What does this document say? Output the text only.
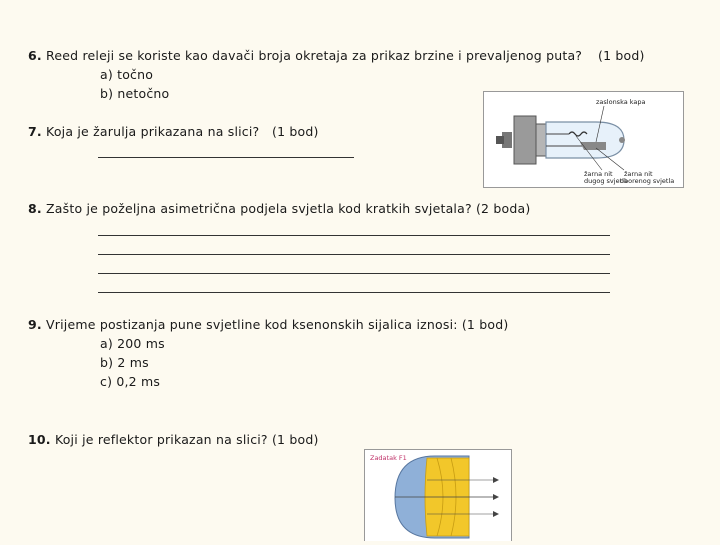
6. Reed releji se koriste kao davači broja okretaja za prikaz brzine i prevaljenog puta? (1 bod)
a) točno
b) netočno
7. Koja je žarulja prikazana na slici? (1 bod)
zaslonska kapa
žarna nit
dugog svjetla
žarna nit
oborenog svjetla
8. Zašto je poželjna asimetrična podjela svjetla kod kratkih svjetala? (2 boda)
9. Vrijeme postizanja pune svjetline kod ksenonskih sijalica iznosi: (1 bod)
a) 200 ms
b) 2 ms
c) 0,2 ms
10. Koji je reflektor prikazan na slici? (1 bod)
Zadatak F1
